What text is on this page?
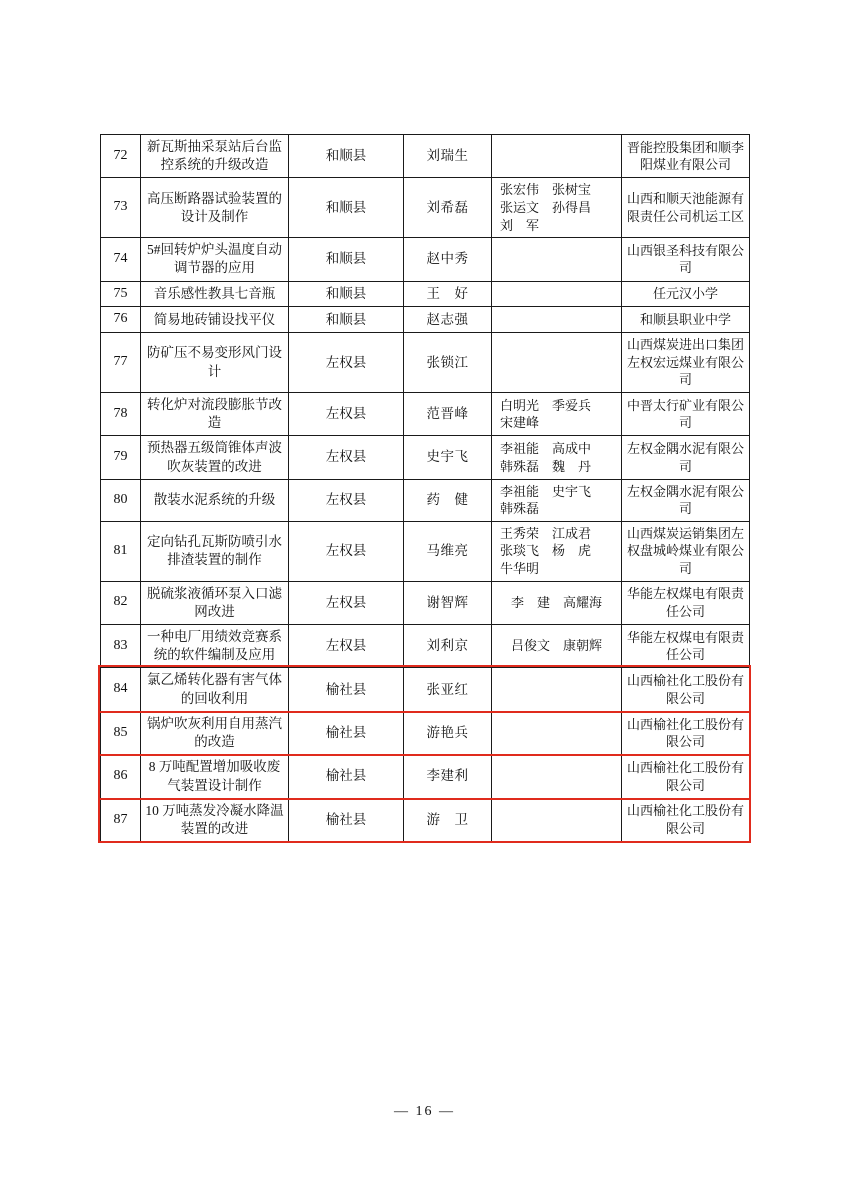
72	新瓦斯抽采泵站后台监控系统的升级改造	和顺县	刘瑞生		晋能控股集团和顺李阳煤业有限公司
73	高压断路器试验装置的设计及制作	和顺县	刘希磊	张宏伟　张树宝
张运文　孙得昌
刘　军	山西和顺天池能源有限责任公司机运工区
74	5#回转炉炉头温度自动调节器的应用	和顺县	赵中秀		山西银圣科技有限公司
75	音乐感性教具七音瓶	和顺县	王　好		任元汉小学
76	简易地砖铺设找平仪	和顺县	赵志强		和顺县职业中学
77	防矿压不易变形风门设计	左权县	张锁江		山西煤炭进出口集团左权宏远煤业有限公司
78	转化炉对流段膨胀节改造	左权县	范晋峰	白明光　季爱兵
宋建峰	中晋太行矿业有限公司
79	预热器五级筒锥体声波吹灰装置的改进	左权县	史宇飞	李祖能　高成中
韩殊磊　魏　丹	左权金隅水泥有限公司
80	散装水泥系统的升级	左权县	药　健	李祖能　史宇飞
韩殊磊	左权金隅水泥有限公司
81	定向钻孔瓦斯防喷引水排渣装置的制作	左权县	马维亮	王秀荣　江成君
张琰飞　杨　虎
牛华明	山西煤炭运销集团左权盘城岭煤业有限公司
82	脱硫浆液循环泵入口滤网改进	左权县	谢智辉	李　建　高耀海	华能左权煤电有限责任公司
83	一种电厂用绩效竞赛系统的软件编制及应用	左权县	刘利京	吕俊文　康朝辉	华能左权煤电有限责任公司
84	氯乙烯转化器有害气体的回收利用	榆社县	张亚红		山西榆社化工股份有限公司
85	锅炉吹灰利用自用蒸汽的改造	榆社县	游艳兵		山西榆社化工股份有限公司
86	8 万吨配置增加吸收废气装置设计制作	榆社县	李建利		山西榆社化工股份有限公司
87	10 万吨蒸发冷凝水降温装置的改进	榆社县	游　卫		山西榆社化工股份有限公司
— 16 —
